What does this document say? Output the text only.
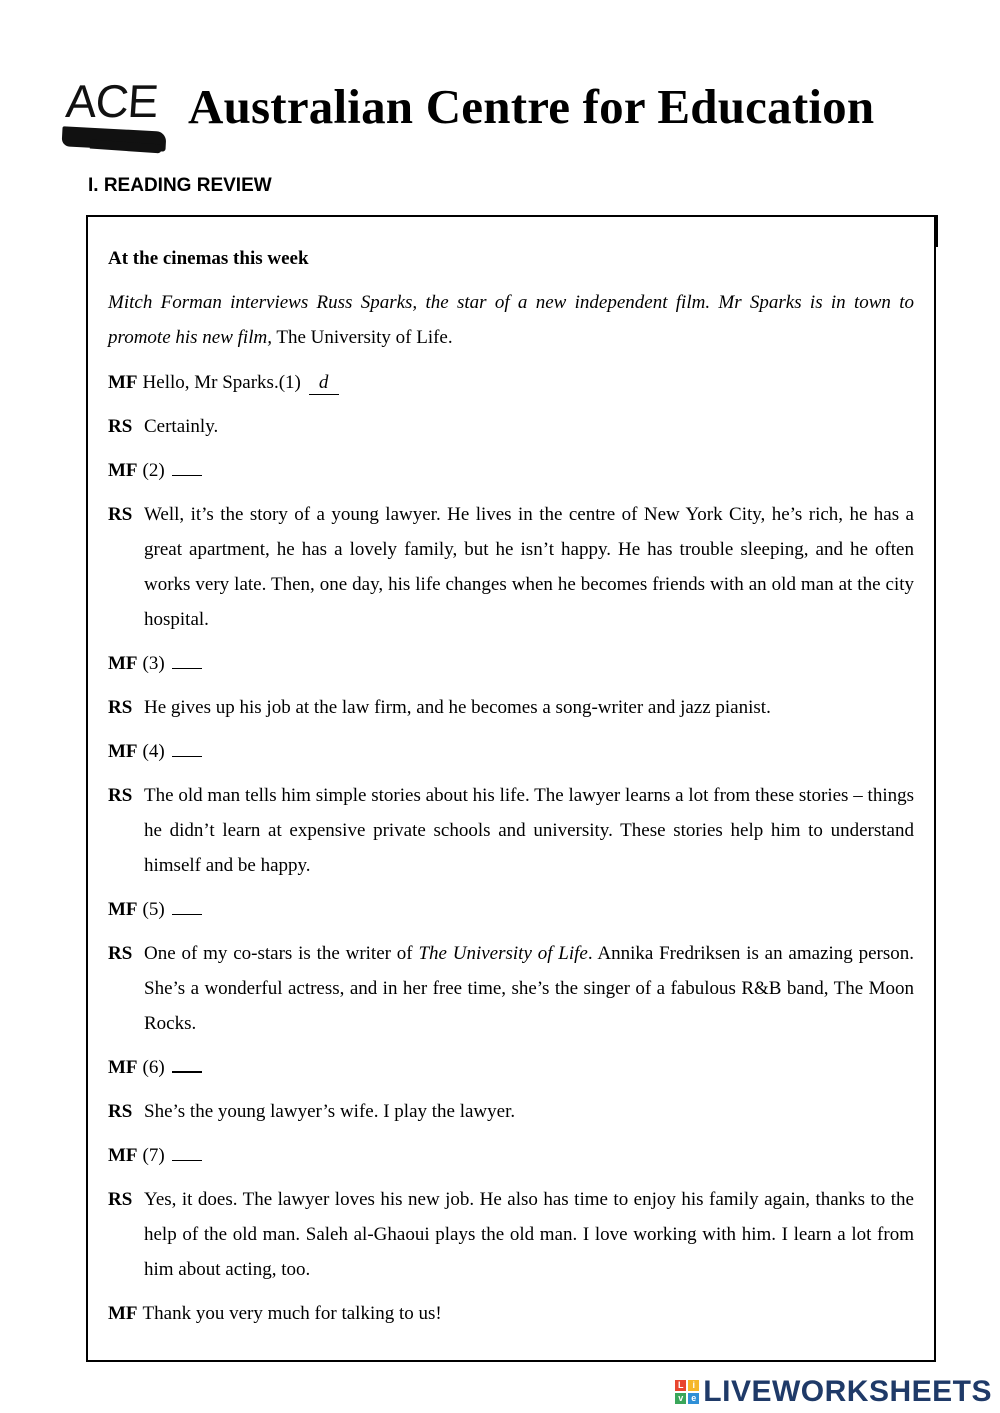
ACE Australian Centre for Education
I. READING REVIEW
At the cinemas this week
Mitch Forman interviews Russ Sparks, the star of a new independent film. Mr Sparks is in town to promote his new film, The University of Life.
MF Hello, Mr Sparks.(1) d
RS Certainly.
MF (2)
RS Well, it’s the story of a young lawyer. He lives in the centre of New York City, he’s rich, he has a great apartment, he has a lovely family, but he isn’t happy. He has trouble sleeping, and he often works very late. Then, one day, his life changes when he becomes friends with an old man at the city hospital.
MF (3)
RS He gives up his job at the law firm, and he becomes a song-writer and jazz pianist.
MF (4)
RS The old man tells him simple stories about his life. The lawyer learns a lot from these stories – things he didn’t learn at expensive private schools and university. These stories help him to understand himself and be happy.
MF (5)
RS One of my co-stars is the writer of The University of Life. Annika Fredriksen is an amazing person. She’s a wonderful actress, and in her free time, she’s the singer of a fabulous R&B band, The Moon Rocks.
MF (6)
RS She’s the young lawyer’s wife. I play the lawyer.
MF (7)
RS Yes, it does. The lawyer loves his new job. He also has time to enjoy his family again, thanks to the help of the old man. Saleh al-Ghaoui plays the old man. I love working with him. I learn a lot from him about acting, too.
MF Thank you very much for talking to us!
L i
v e LIVEWORKSHEETS
